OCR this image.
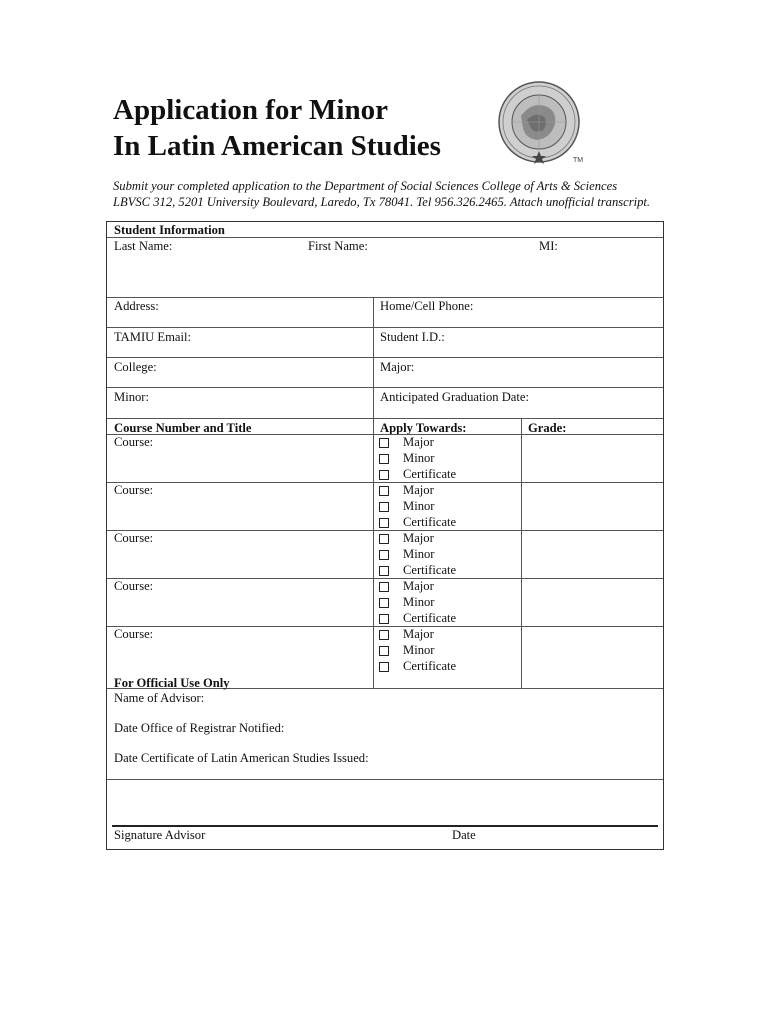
Application for Minor
In Latin American Studies	TM
Submit your completed application to the Department of Social Sciences College of Arts & Sciences
LBVSC 312, 5201 University Boulevard, Laredo, Tx 78041. Tel 956.326.2465. Attach unofficial transcript.
Student Information
Last Name:	First Name:	MI:
Address:	Home/Cell Phone:
TAMIU Email:	Student I.D.:
College:	Major:
Minor:	Anticipated Graduation Date:
Course Number and Title	Apply Towards:	Grade:
Course:	Major
Minor
Certificate
Course:	Major
Minor
Certificate
Course:	Major
Minor
Certificate
Course:	Major
Minor
Certificate
Course:	Major
Minor
Certificate
For Official Use Only
Name of Advisor:
Date Office of Registrar Notified:
Date Certificate of Latin American Studies Issued:
Signature Advisor	Date
